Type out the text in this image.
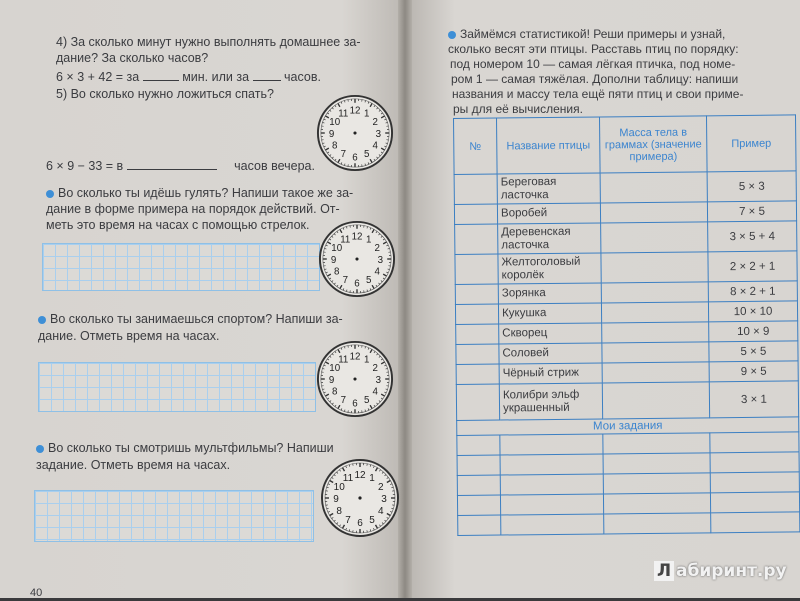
4) За сколько минут нужно выполнять домашнее за-
дание? За сколько часов?
6 × 3 + 42 = за	мин. или за	часов.
5) Во сколько нужно ложиться спать?
6 × 9 − 33 = в	часов вечера.
Во сколько ты идёшь гулять? Напиши такое же за-
дание в форме примера на порядок действий. От-
меть это время на часах с помощью стрелок.
Во сколько ты занимаешься спортом? Напиши за-
дание. Отметь время на часах.
Во сколько ты смотришь мультфильмы? Напиши
задание. Отметь время на часах.
40
12 1
2
3
4
5
6
7
8
9
10
11
12 1
2
3
4
5
6
7
8
9
10
11
12 1
2
3
4
5
6
7
8
9
10
11
12 1
2
3
4
5
6
7
8
9
10
11
Займёмся статистикой! Реши примеры и узнай,
сколько весят эти птицы. Расставь птиц по порядку:
под номером 10 — самая лёгкая птичка, под номе-
ром 1 — самая тяжёлая. Дополни таблицу: напиши
названия и массу тела ещё пяти птиц и свои приме-
ры для её вычисления.
№	Название птицы	Масса тела в граммах (значение примера)	Пример
	Береговая ласточка		5 × 3
	Воробей		7 × 5
	Деревенская ласточка		3 × 5 + 4
	Желтоголовый королёк		2 × 2 + 1
	Зорянка		8 × 2 + 1
	Кукушка		10 × 10
	Скворец		10 × 9
	Соловей		5 × 5
	Чёрный стриж		9 × 5
	Колибри эльф украшенный		3 × 1
Мои задания			

Л абиринт.ру
